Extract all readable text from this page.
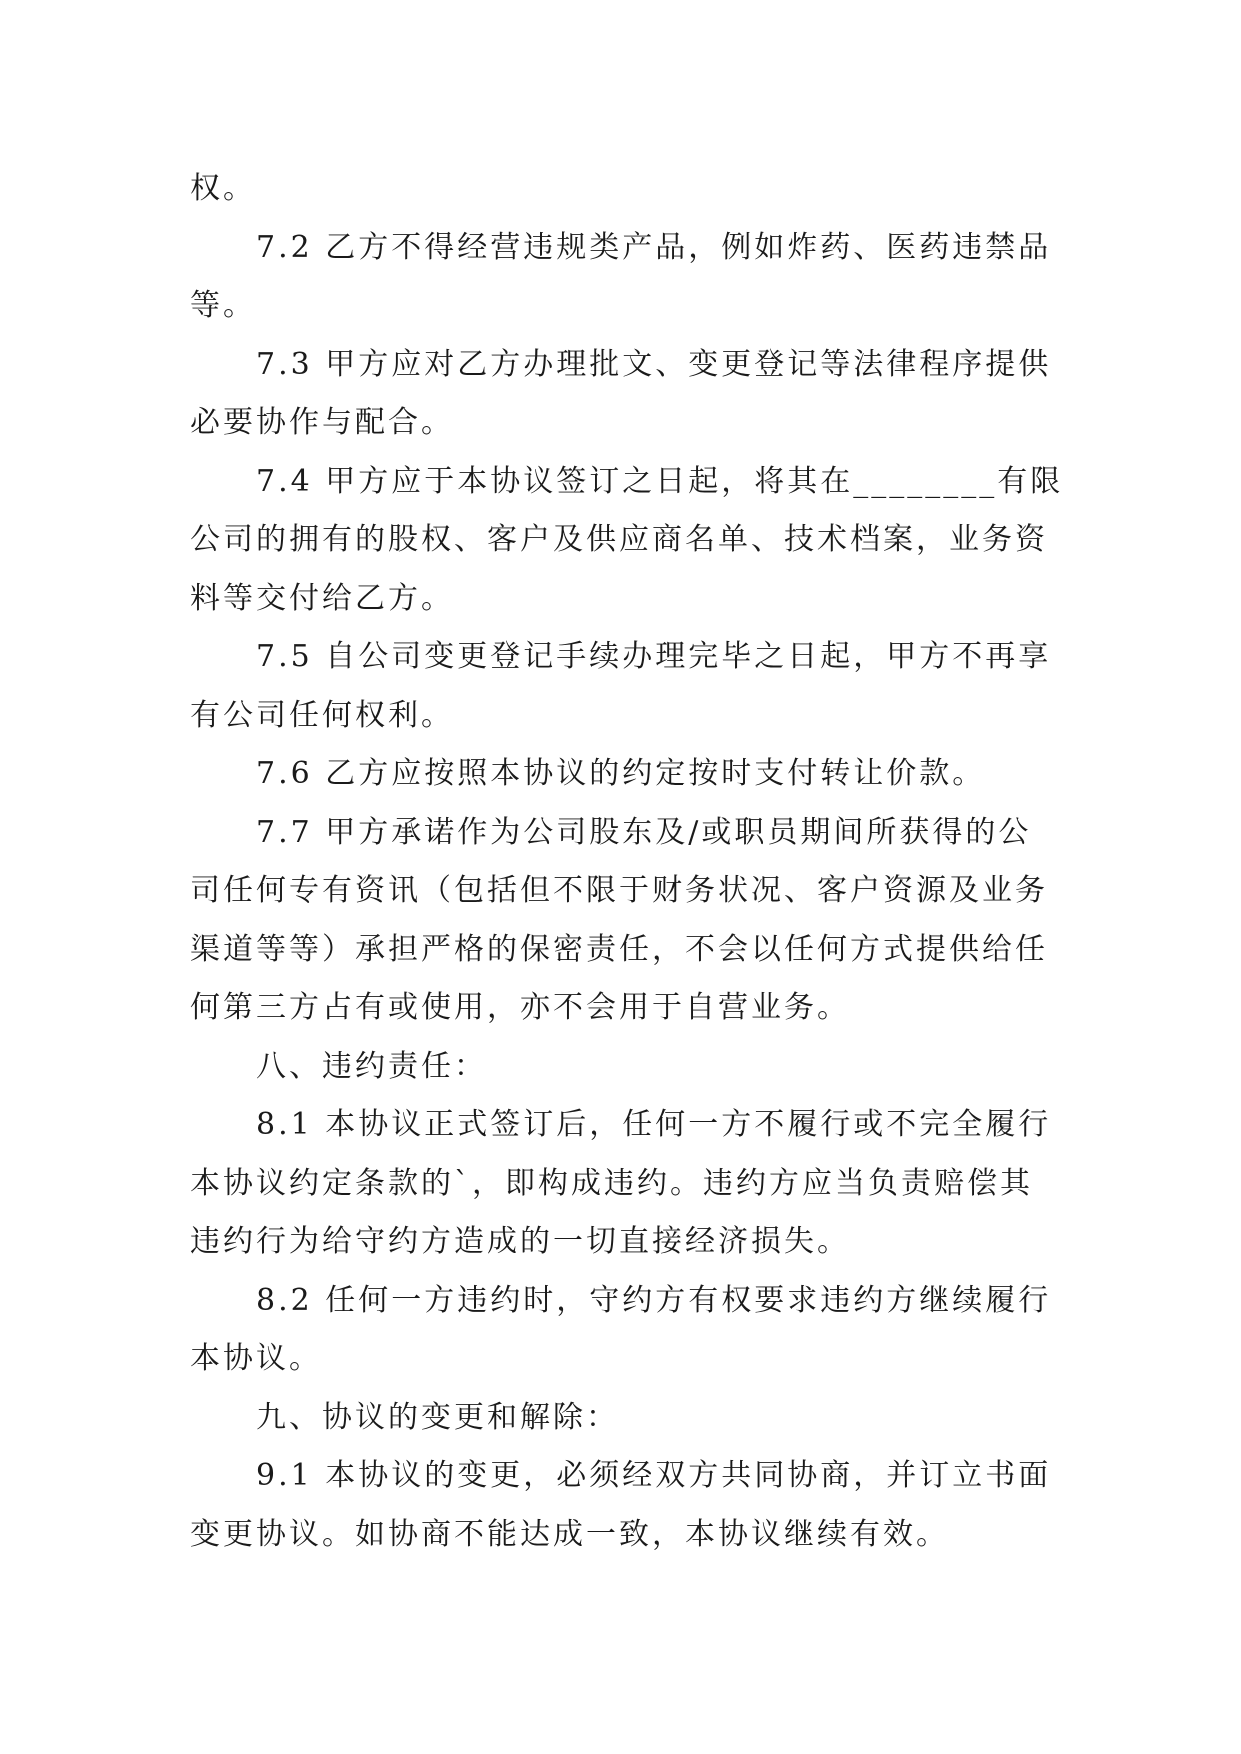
权。

7.2 乙方不得经营违规类产品，例如炸药、医药违禁品
等。

7.3 甲方应对乙方办理批文、变更登记等法律程序提供
必要协作与配合。

7.4 甲方应于本协议签订之日起，将其在________有限
公司的拥有的股权、客户及供应商名单、技术档案，业务资
料等交付给乙方。

7.5 自公司变更登记手续办理完毕之日起，甲方不再享
有公司任何权利。

7.6 乙方应按照本协议的约定按时支付转让价款。

7.7 甲方承诺作为公司股东及/或职员期间所获得的公
司任何专有资讯（包括但不限于财务状况、客户资源及业务
渠道等等）承担严格的保密责任，不会以任何方式提供给任
何第三方占有或使用，亦不会用于自营业务。

八、违约责任：

8.1 本协议正式签订后，任何一方不履行或不完全履行
本协议约定条款的`，即构成违约。违约方应当负责赔偿其
违约行为给守约方造成的一切直接经济损失。

8.2 任何一方违约时，守约方有权要求违约方继续履行
本协议。

九、协议的变更和解除：

9.1 本协议的变更，必须经双方共同协商，并订立书面
变更协议。如协商不能达成一致，本协议继续有效。
